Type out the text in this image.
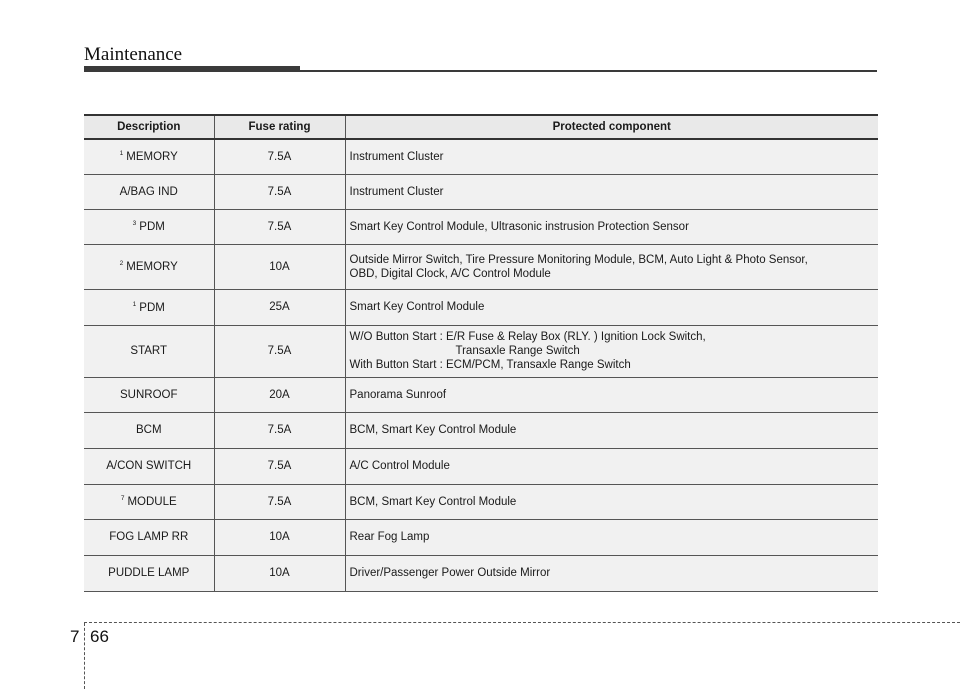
Maintenance
Description	Fuse rating	Protected component
$^1$ MEMORY	7.5A	Instrument Cluster

A/BAG IND	7.5A	Instrument Cluster

$^3$ PDM	7.5A	Smart Key Control Module, Ultrasonic instrusion Protection Sensor

$^2$ MEMORY	10A	Outside Mirror Switch, Tire Pressure Monitoring Module, BCM, Auto Light & Photo Sensor,
OBD, Digital Clock, A/C Control Module

$^1$ PDM	25A	Smart Key Control Module

START	7.5A	W/O Button Start : E/R Fuse & Relay Box (RLY. ) Ignition Lock Switch,
Transaxle Range Switch
With Button Start : ECM/PCM, Transaxle Range Switch

SUNROOF	20A	Panorama Sunroof

BCM	7.5A	BCM, Smart Key Control Module

A/CON SWITCH	7.5A	A/C Control Module

$^7$ MODULE	7.5A	BCM, Smart Key Control Module

FOG LAMP RR	10A	Rear Fog Lamp

PUDDLE LAMP	10A	Driver/Passenger Power Outside Mirror
7 66
